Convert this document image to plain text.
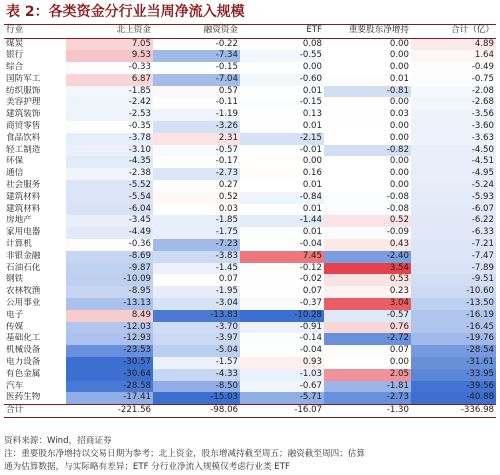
表 2：各类资金分行业当周净流入规模
行业	北上资金	融资资金	ETF	重要股东净增持	合计（亿）
煤炭	7.05	-0.22	0.08	0.00	4.89
银行	9.53	-7.34	-0.55	0.00	1.64
综合	-0.33	-0.15	0.00	0.00	-0.49
国防军工	6.87	-7.04	-0.60	0.01	-0.75
纺织服饰	-1.85	0.57	0.01	-0.81	-2.08
美容护理	-2.42	-0.11	-0.15	0.00	-2.68
建筑装饰	-2.53	-1.19	0.13	0.03	-3.56
商贸零售	-0.35	-3.26	0.01	0.00	-3.60
食品饮料	-3.78	2.31	-2.15	0.00	-3.63
轻工制造	-3.10	-0.57	-0.01	-0.82	-4.50
环保	-4.35	-0.17	0.00	0.00	-4.51
通信	-2.38	-2.73	0.16	0.00	-4.95
社会服务	-5.52	0.27	0.01	0.00	-5.24
建筑材料	-5.54	0.52	-0.84	-0.08	-5.93
建筑材料	-6.04	0.03	0.01	-0.08	-6.07
房地产	-3.45	-1.85	-1.44	0.52	-6.22
家用电器	-4.49	-1.75	0.01	-0.09	-6.33
计算机	-0.36	-7.23	-0.04	0.43	-7.21
非银金融	-8.69	-3.83	7.45	-2.40	-7.47
石油石化	-9.87	-1.45	-0.12	3.54	-7.89
钢铁	-10.09	0.07	-0.02	0.53	-9.51
农林牧渔	-8.95	-1.95	0.07	0.23	-10.60
公用事业	-13.13	-3.04	-0.37	3.04	-13.50
电子	8.49	-13.83	-10.28	-0.57	-16.19
传媒	-12.03	-3.70	-0.91	0.76	-16.45
基础化工	-12.93	-3.97	-0.14	-2.72	-19.76
机械设备	-23.53	-5.04	-0.04	0.07	-28.54
电力设备	-30.57	-1.57	0.93	0.00	-31.61
有色金属	-30.64	-4.33	-1.03	2.05	-33.95
汽车	-28.58	-8.50	-0.67	-1.81	-39.56
医药生物	-17.41	-15.03	-5.71	-2.73	-40.88
合计	-221.56	-98.06	-16.07	-1.30	-336.98
资料来源：Wind，招商证券
注：重要股东净增持以交易日期为参考；北上资金，股东增减持截至周五；融资截至周四；估算
通为估算数据，与实际略有差异；ETF 分行业净流入规模仅考虑行业类 ETF
